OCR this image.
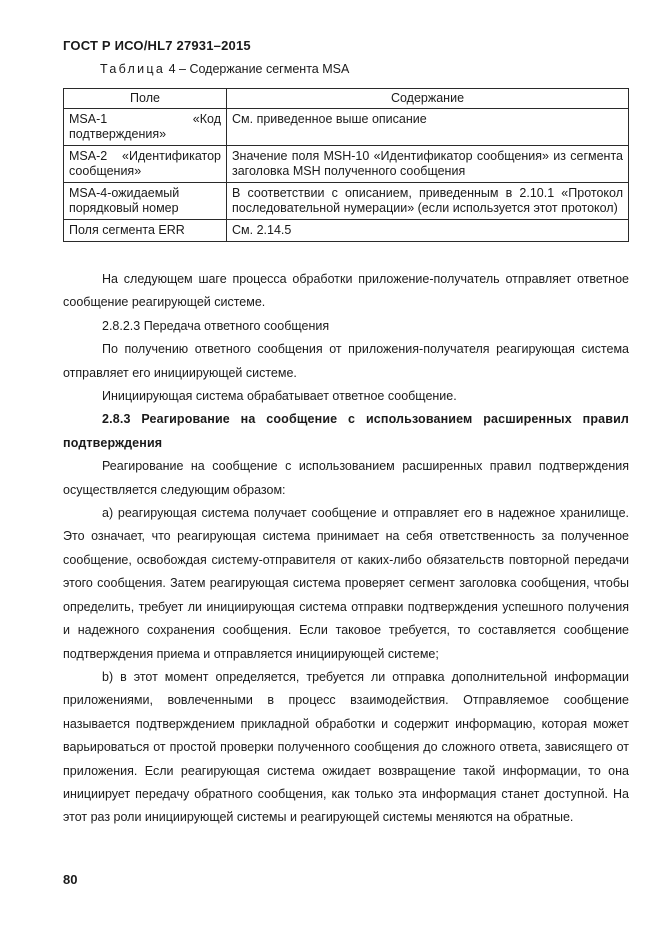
ГОСТ Р ИСО/HL7 27931–2015
Таблица 4 – Содержание сегмента MSA
Поле	Содержание
MSA-1 «Код подтверждения»	См. приведенное выше описание
MSA-2 «Идентификатор сообщения»	Значение поля MSH-10 «Идентификатор сообщения» из сегмента заголовка MSH полученного сообщения
MSA-4-ожидаемый порядковый номер	В соответствии с описанием, приведенным в 2.10.1 «Протокол последовательной нумерации» (если используется этот протокол)
Поля сегмента ERR	См. 2.14.5

На следующем шаге процесса обработки приложение-получатель отправляет ответное сообщение реагирующей системе.

2.8.2.3 Передача ответного сообщения

По получению ответного сообщения от приложения-получателя реагирующая система отправляет его инициирующей системе.

Инициирующая система обрабатывает ответное сообщение.

2.8.3 Реагирование на сообщение с использованием расширенных правил подтверждения

Реагирование на сообщение с использованием расширенных правил подтверждения осуществляется следующим образом:

а) реагирующая система получает сообщение и отправляет его в надежное хранилище. Это означает, что реагирующая система принимает на себя ответственность за полученное сообщение, освобождая систему-отправителя от каких-либо обязательств повторной передачи этого сообщения. Затем реагирующая система проверяет сегмент заголовка сообщения, чтобы определить, требует ли инициирующая система отправки подтверждения успешного получения и надежного сохранения сообщения. Если таковое требуется, то составляется сообщение подтверждения приема и отправляется инициирующей системе;

b) в этот момент определяется, требуется ли отправка дополнительной информации приложениями, вовлеченными в процесс взаимодействия. Отправляемое сообщение называется подтверждением прикладной обработки и содержит информацию, которая может варьироваться от простой проверки полученного сообщения до сложного ответа, зависящего от приложения. Если реагирующая система ожидает возвращение такой информации, то она инициирует передачу обратного сообщения, как только эта информация станет доступной. На этот раз роли инициирующей системы и реагирующей системы меняются на обратные.

80
